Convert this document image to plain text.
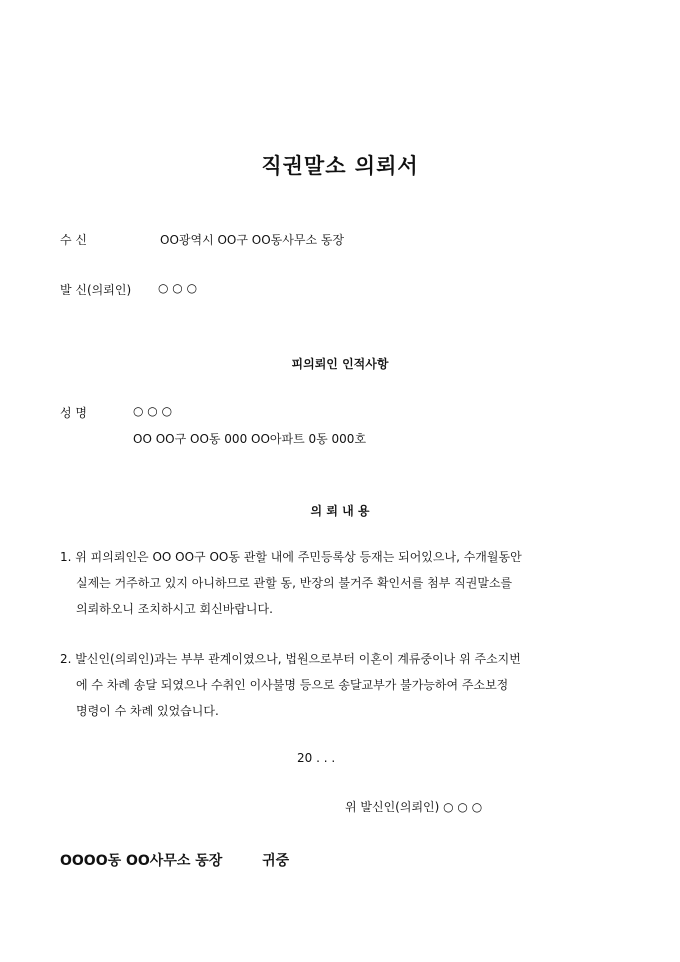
직권말소 의뢰서
수 신	OO광역시 OO구 OO동사무소 동장
발 신(의뢰인) ○ ○ ○
피의뢰인 인적사항
성 명	○ ○ ○
OO OO구 OO동 000 OO아파트 0동 000호
의 뢰 내 용
1. 위 피의뢰인은 OO OO구 OO동 관할 내에 주민등록상 등재는 되어있으나, 수개월동안
실제는 거주하고 있지 아니하므로 관할 동, 반장의 불거주 확인서를 첨부 직권말소를
의뢰하오니 조치하시고 회신바랍니다.
2. 발신인(의뢰인)과는 부부 관계이였으나, 법원으로부터 이혼이 계류중이나 위 주소지번
에 수 차례 송달 되였으나 수취인 이사불명 등으로 송달교부가 불가능하여 주소보정
명령이 수 차례 있었습니다.
20 . . .
위 발신인(의뢰인) ○ ○ ○
OOOO동 OO사무소 동장	귀중
